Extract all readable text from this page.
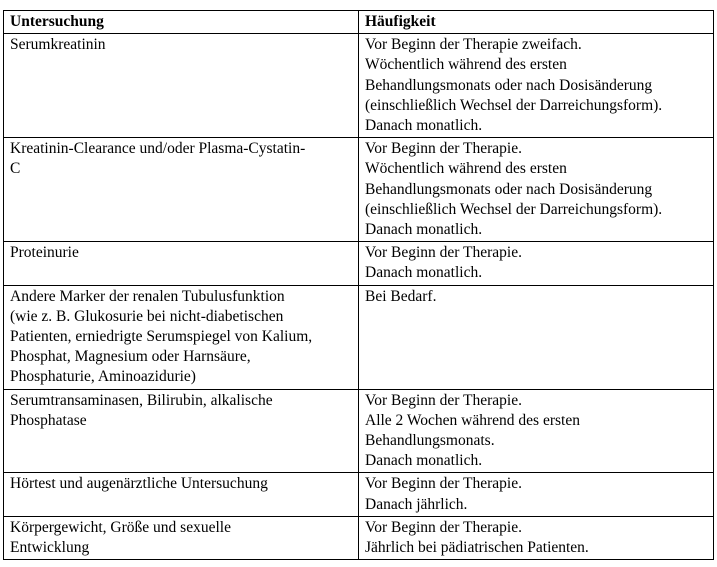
Untersuchung	Häufigkeit

Serumkreatinin	Vor Beginn der Therapie zweifach.
Wöchentlich während des ersten
Behandlungsmonats oder nach Dosisänderung
(einschließlich Wechsel der Darreichungsform).
Danach monatlich.

Kreatinin-Clearance und/oder Plasma-Cystatin-
C	Vor Beginn der Therapie.
Wöchentlich während des ersten
Behandlungsmonats oder nach Dosisänderung
(einschließlich Wechsel der Darreichungsform).
Danach monatlich.

Proteinurie	Vor Beginn der Therapie.
Danach monatlich.

Andere Marker der renalen Tubulusfunktion
(wie z. B. Glukosurie bei nicht-diabetischen
Patienten, erniedrigte Serumspiegel von Kalium,
Phosphat, Magnesium oder Harnsäure,
Phosphaturie, Aminoazidurie)	Bei Bedarf.

Serumtransaminasen, Bilirubin, alkalische
Phosphatase	Vor Beginn der Therapie.
Alle 2 Wochen während des ersten
Behandlungsmonats.
Danach monatlich.

Hörtest und augenärztliche Untersuchung	Vor Beginn der Therapie.
Danach jährlich.

Körpergewicht, Größe und sexuelle
Entwicklung	Vor Beginn der Therapie.
Jährlich bei pädiatrischen Patienten.
